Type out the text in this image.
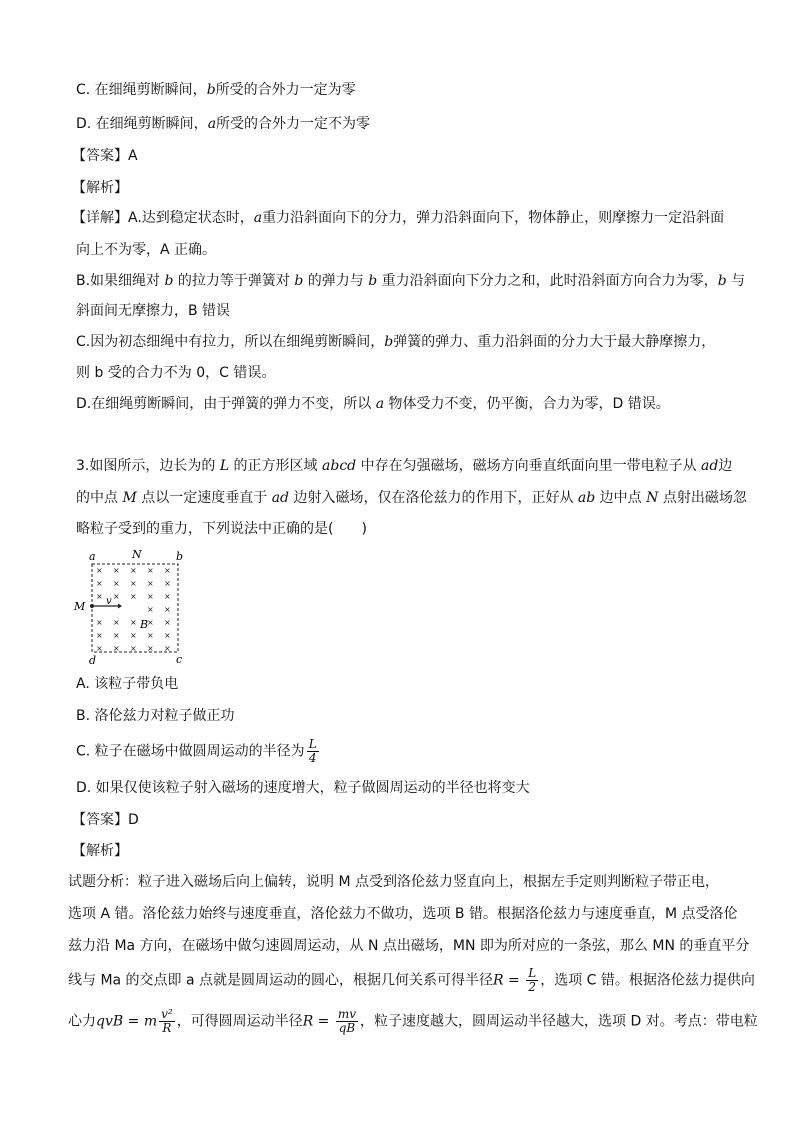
C. 在细绳剪断瞬间，b所受的合外力一定为零
D. 在细绳剪断瞬间，a所受的合外力一定不为零
【答案】A
【解析】
【详解】A.达到稳定状态时，a重力沿斜面向下的分力，弹力沿斜面向下，物体静止，则摩擦力一定沿斜面
向上不为零，A 正确。
B.如果细绳对 b 的拉力等于弹簧对 b 的弹力与 b 重力沿斜面向下分力之和，此时沿斜面方向合力为零，b 与
斜面间无摩擦力，B 错误
C.因为初态细绳中有拉力，所以在细绳剪断瞬间，b弹簧的弹力、重力沿斜面的分力大于最大静摩擦力，
则 b 受的合力不为 0，C 错误。
D.在细绳剪断瞬间，由于弹簧的弹力不变，所以 a 物体受力不变，仍平衡，合力为零，D 错误。
3.如图所示，边长为的 L 的正方形区域 abcd 中存在匀强磁场，磁场方向垂直纸面向里一带电粒子从 ad边
的中点 M 点以一定速度垂直于 ad 边射入磁场，仅在洛伦兹力的作用下，正好从 ab 边中点 N 点射出磁场忽
略粒子受到的重力，下列说法中正确的是(　　)
× × × × ×
× × × × ×
× × × × ×
× ×
× × × × ×
× × × × ×
× × × × ×
a	N	b
M v
B
d	c
A. 该粒子带负电
B. 洛伦兹力对粒子做正功
C. 粒子在磁场中做圆周运动的半径为 $\frac{L}{4}$
D. 如果仅使该粒子射入磁场的速度增大，粒子做圆周运动的半径也将变大
【答案】D
【解析】
试题分析：粒子进入磁场后向上偏转，说明 M 点受到洛伦兹力竖直向上，根据左手定则判断粒子带正电，
选项 A 错。洛伦兹力始终与速度垂直，洛伦兹力不做功，选项 B 错。根据洛伦兹力与速度垂直，M 点受洛伦
兹力沿 Ma 方向，在磁场中做匀速圆周运动，从 N 点出磁场，MN 即为所对应的一条弦，那么 MN 的垂直平分
线与 Ma 的交点即 a 点就是圆周运动的圆心，根据几何关系可得半径$R = \frac{L}{2}$ ，选项 C 错。根据洛伦兹力提供向
心力qvB = m $\frac{\text{v²}}{R}$ ，可得圆周运动半径$R = \frac{mv}{qB}$ ，粒子速度越大，圆周运动半径越大，选项 D 对。考点：带电粒
